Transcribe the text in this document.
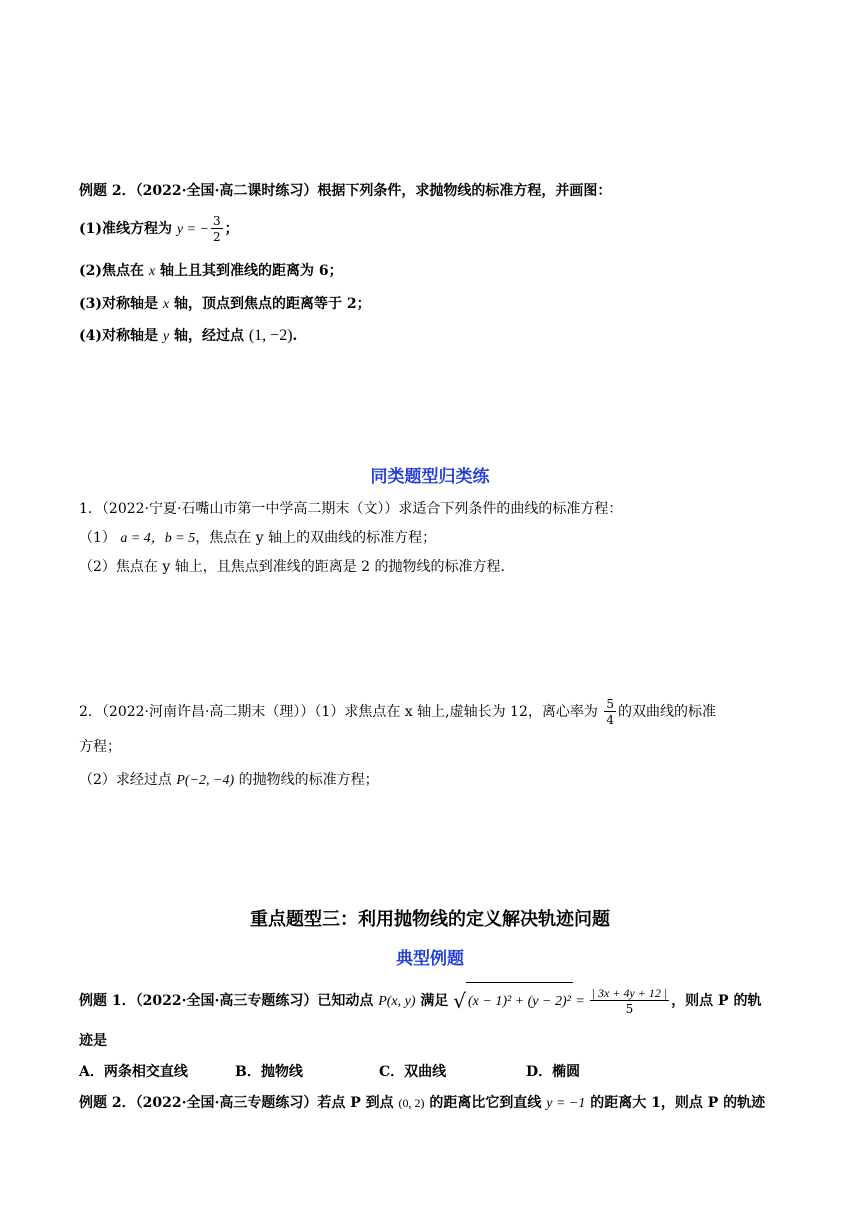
例题 2．（2022·全国·高二课时练习）根据下列条件，求抛物线的标准方程，并画图：
(1)准线方程为 y = − $\frac{3}{2}$ ；
(2)焦点在 x 轴上且其到准线的距离为 6；
(3)对称轴是 x 轴，顶点到焦点的距离等于 2；
(4)对称轴是 y 轴，经过点 (1, −2).
同类题型归类练
1．（2022·宁夏·石嘴山市第一中学高二期末（文））求适合下列条件的曲线的标准方程：
（1） a = 4，b = 5，焦点在 y 轴上的双曲线的标准方程；
（2）焦点在 y 轴上，且焦点到准线的距离是 2 的抛物线的标准方程.
2．（2022·河南许昌·高二期末（理））（1）求焦点在 x 轴上,虚轴长为 12，离心率为 $\frac{5}{4}$ 的双曲线的标准
方程；
（2）求经过点 P(−2, −4) 的抛物线的标准方程；
重点题型三：利用抛物线的定义解决轨迹问题
典型例题
例题 1．（2022·全国·高三专题练习）已知动点 P(x, y) 满足 √ $(x - 1)^2 + (y - 2)^2 = \frac{| 3x + 4y + 12 |}{5}$ ，则点 P 的轨
迹是
A．两条相交直线	B．抛物线	C．双曲线	D．椭圆
例题 2．（2022·全国·高三专题练习）若点 P 到点 (0, 2) 的距离比它到直线 y = −1 的距离大 1，则点 P 的轨迹
